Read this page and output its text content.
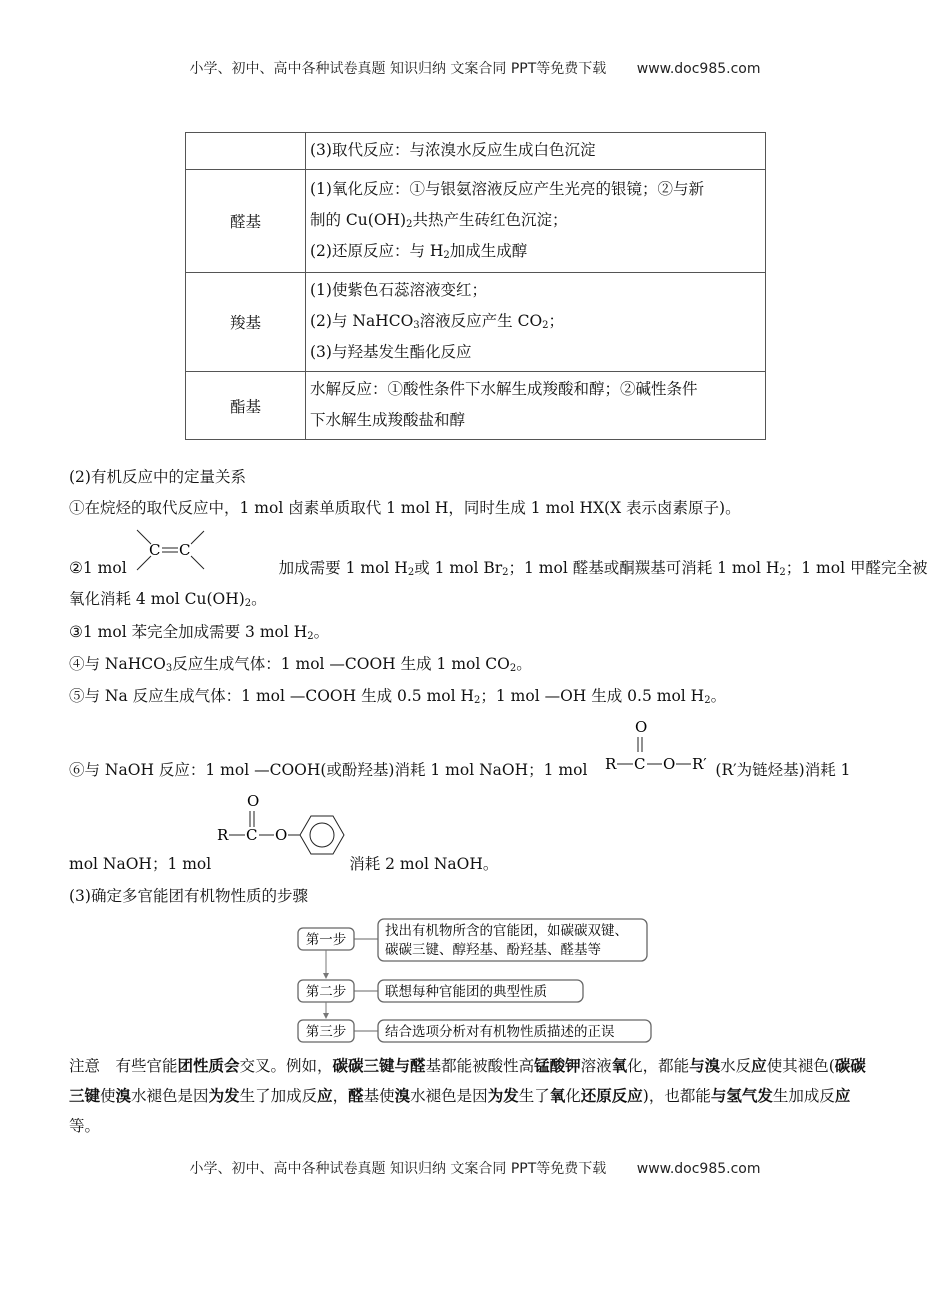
小学、初中、高中各种试卷真题 知识归纳 文案合同 PPT等免费下载 www.doc985.com

	(3)取代反应：与浓溴水反应生成白色沉淀

醛基	(1)氧化反应：①与银氨溶液反应产生光亮的银镜；②与新
制的 $Cu(OH)_2$共热产生砖红色沉淀；
(2)还原反应：与 $H_2$加成生成醇

羧基	(1)使紫色石蕊溶液变红；
(2)与 NaHCO$_3$溶液反应产生 $CO_2$；
(3)与羟基发生酯化反应

酯基	水解反应：①酸性条件下水解生成羧酸和醇；②碱性条件
下水解生成羧酸盐和醇
(2)有机反应中的定量关系
①在烷烃的取代反应中，1 mol 卤素单质取代 1 mol H，同时生成 1 mol HX(X 表示卤素原子)。
②1 mol	加成需要 1 mol $H_2$或 1 mol $Br_2$；1 mol 醛基或酮羰基可消耗 1 mol $H_2$；1 mol 甲醛完全被
C C
氧化消耗 4 mol $Cu(OH)_2$。
③1 mol 苯完全加成需要 3 mol $H_2$。
④与 NaHCO$_3$反应生成气体：1 mol —COOH 生成 1 mol $CO_2$。
⑤与 Na 反应生成气体：1 mol —COOH 生成 0.5 mol $H_2$；1 mol —OH 生成 0.5 mol $H_2$。
⑥与 NaOH 反应：1 mol —COOH(或酚羟基)消耗 1 mol NaOH；1 mol	(R′为链烃基)消耗 1
O
R C O R′
mol NaOH；1 mol	消耗 2 mol NaOH。
O
R C O
(3)确定多官能团有机物性质的步骤
第一步
找出有机物所含的官能团，如碳碳双键、
碳碳三键、醇羟基、酚羟基、醛基等
第二步	联想每种官能团的典型性质
第三步	结合选项分析对有机物性质描述的正误
注意　有些官能团性质会交叉。例如，碳碳三键与醛基都能被酸性高锰酸钾溶液氧化，都能与溴水反应使其褪色(碳碳三键使溴水褪色是因为发生了加成反应，醛基使溴水褪色是因为发生了氧化还原反应)，也都能与氢气发生加成反应等。
小学、初中、高中各种试卷真题 知识归纳 文案合同 PPT等免费下载 www.doc985.com
